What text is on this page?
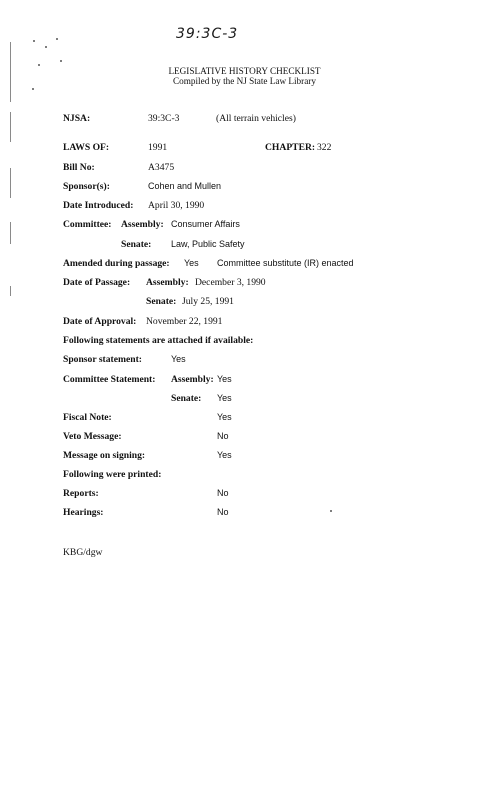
39:3C-3
LEGISLATIVE HISTORY CHECKLIST
Compiled by the NJ State Law Library
NJSA:	39:3C-3	(All terrain vehicles)
LAWS OF:	1991	CHAPTER: 322
Bill No:	A3475
Sponsor(s):	Cohen and Mullen
Date Introduced: April 30, 1990
Committee: Assembly: Consumer Affairs
Senate: Law, Public Safety
Amended during passage: Yes Committee substitute (IR) enacted
Date of Passage: Assembly: December 3, 1990
Senate: July 25, 1991
Date of Approval: November 22, 1991
Following statements are attached if available:
Sponsor statement:	Yes
Committee Statement: Assembly: Yes
Senate: Yes
Fiscal Note:	Yes
Veto Message:	No
Message on signing:	Yes
Following were printed:
Reports:	No
Hearings:	No
KBG/dgw
